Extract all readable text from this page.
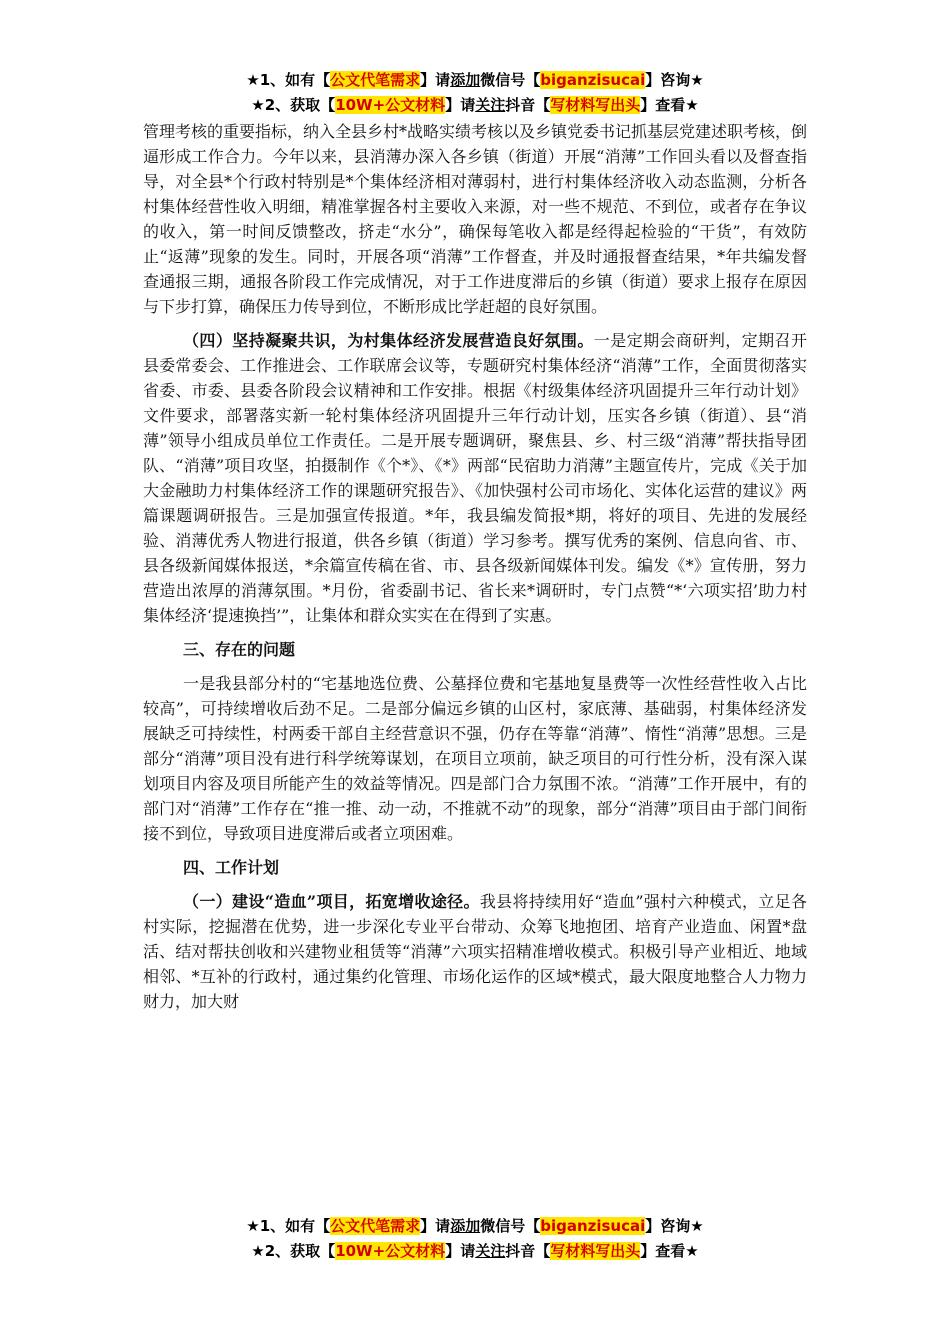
★1、如有【公文代笔需求】请添加微信号【biganzisucai】咨询★
★2、获取【10W+公文材料】请关注抖音【写材料写出头】查看★

管理考核的重要指标，纳入全县乡村*战略实绩考核以及乡镇党委书记抓基层党建述职考核，倒逼形成工作合力。今年以来，县消薄办深入各乡镇（街道）开展“消薄”工作回头看以及督查指导，对全县*个行政村特别是*个集体经济相对薄弱村，进行村集体经济收入动态监测，分析各村集体经营性收入明细，精准掌握各村主要收入来源，对一些不规范、不到位，或者存在争议的收入，第一时间反馈整改，挤走“水分”，确保每笔收入都是经得起检验的“干货”，有效防止“返薄”现象的发生。同时，开展各项“消薄”工作督查，并及时通报督查结果，*年共编发督查通报三期，通报各阶段工作完成情况，对于工作进度滞后的乡镇（街道）要求上报存在原因与下步打算，确保压力传导到位，不断形成比学赶超的良好氛围。

（四）坚持凝聚共识，为村集体经济发展营造良好氛围。一是定期会商研判，定期召开县委常委会、工作推进会、工作联席会议等，专题研究村集体经济“消薄”工作，全面贯彻落实省委、市委、县委各阶段会议精神和工作安排。根据《村级集体经济巩固提升三年行动计划》文件要求，部署落实新一轮村集体经济巩固提升三年行动计划，压实各乡镇（街道）、县“消薄”领导小组成员单位工作责任。二是开展专题调研，聚焦县、乡、村三级“消薄”帮扶指导团队、“消薄”项目攻坚，拍摄制作《个*》、《*》两部“民宿助力消薄”主题宣传片，完成《关于加大金融助力村集体经济工作的课题研究报告》、《加快强村公司市场化、实体化运营的建议》两篇课题调研报告。三是加强宣传报道。*年，我县编发简报*期，将好的项目、先进的发展经验、消薄优秀人物进行报道，供各乡镇（街道）学习参考。撰写优秀的案例、信息向省、市、县各级新闻媒体报送，*余篇宣传稿在省、市、县各级新闻媒体刊发。编发《*》宣传册，努力营造出浓厚的消薄氛围。*月份，省委副书记、省长来*调研时，专门点赞“*‘六项实招’助力村集体经济‘提速换挡’”，让集体和群众实实在在得到了实惠。

三、存在的问题

一是我县部分村的“宅基地选位费、公墓择位费和宅基地复垦费等一次性经营性收入占比较高”，可持续增收后劲不足。二是部分偏远乡镇的山区村，家底薄、基础弱，村集体经济发展缺乏可持续性，村两委干部自主经营意识不强，仍存在等靠“消薄”、惰性“消薄”思想。三是部分“消薄”项目没有进行科学统筹谋划，在项目立项前，缺乏项目的可行性分析，没有深入谋划项目内容及项目所能产生的效益等情况。四是部门合力氛围不浓。“消薄”工作开展中，有的部门对“消薄”工作存在“推一推、动一动，不推就不动”的现象，部分“消薄”项目由于部门间衔接不到位，导致项目进度滞后或者立项困难。

四、工作计划

（一）建设“造血”项目，拓宽增收途径。我县将持续用好“造血”强村六种模式，立足各村实际，挖掘潜在优势，进一步深化专业平台带动、众筹飞地抱团、培育产业造血、闲置*盘活、结对帮扶创收和兴建物业租赁等“消薄”六项实招精准增收模式。积极引导产业相近、地域相邻、*互补的行政村，通过集约化管理、市场化运作的区域*模式，最大限度地整合人力物力财力，加大财

★1、如有【公文代笔需求】请添加微信号【biganzisucai】咨询★
★2、获取【10W+公文材料】请关注抖音【写材料写出头】查看★
